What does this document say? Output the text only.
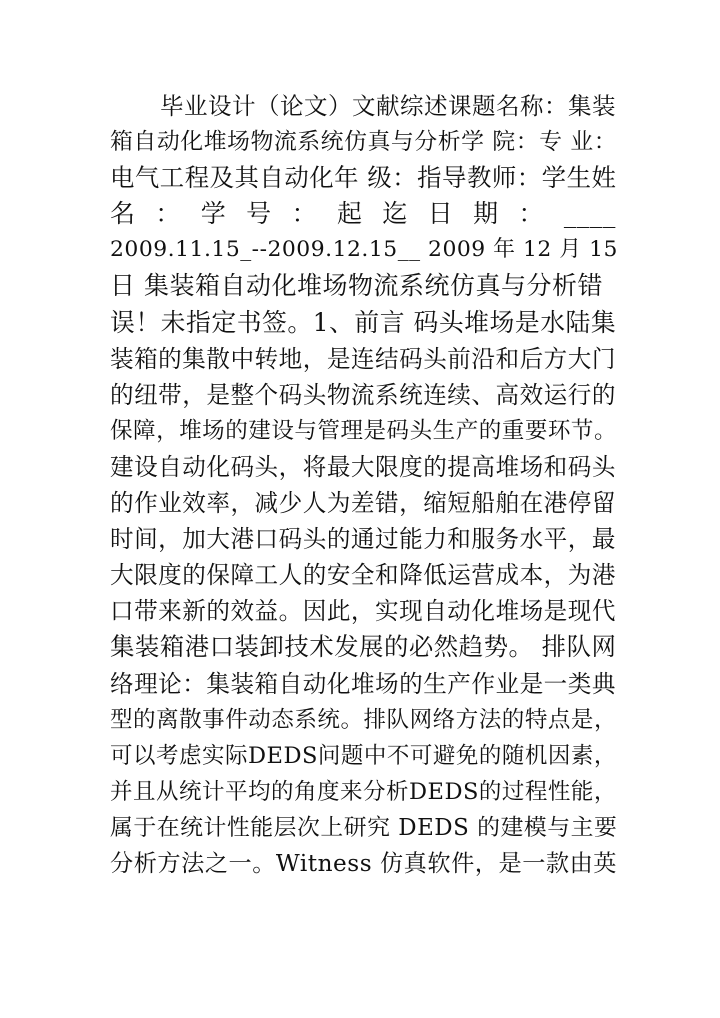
毕业设计（论文）文献综述课题名称：集装
箱自动化堆场物流系统仿真与分析学 院：专 业：
电气工程及其自动化年 级：指导教师：学生姓
名 ： 学 号 ： 起 迄 日 期 ： ____
2009.11.15_--2009.12.15__ 2009 年 12 月 15
日 集装箱自动化堆场物流系统仿真与分析错
误！未指定书签。1、前言 码头堆场是水陆集
装箱的集散中转地，是连结码头前沿和后方大门
的纽带，是整个码头物流系统连续、高效运行的
保障，堆场的建设与管理是码头生产的重要环节。
建设自动化码头，将最大限度的提高堆场和码头
的作业效率，减少人为差错，缩短船舶在港停留
时间，加大港口码头的通过能力和服务水平，最
大限度的保障工人的安全和降低运营成本，为港
口带来新的效益。因此，实现自动化堆场是现代
集装箱港口装卸技术发展的必然趋势。 排队网
络理论：集装箱自动化堆场的生产作业是一类典
型的离散事件动态系统。排队网络方法的特点是，
可以考虑实际DEDS问题中不可避免的随机因素，
并且从统计平均的角度来分析DEDS的过程性能，
属于在统计性能层次上研究 DEDS 的建模与主要
分析方法之一。Witness 仿真软件，是一款由英
